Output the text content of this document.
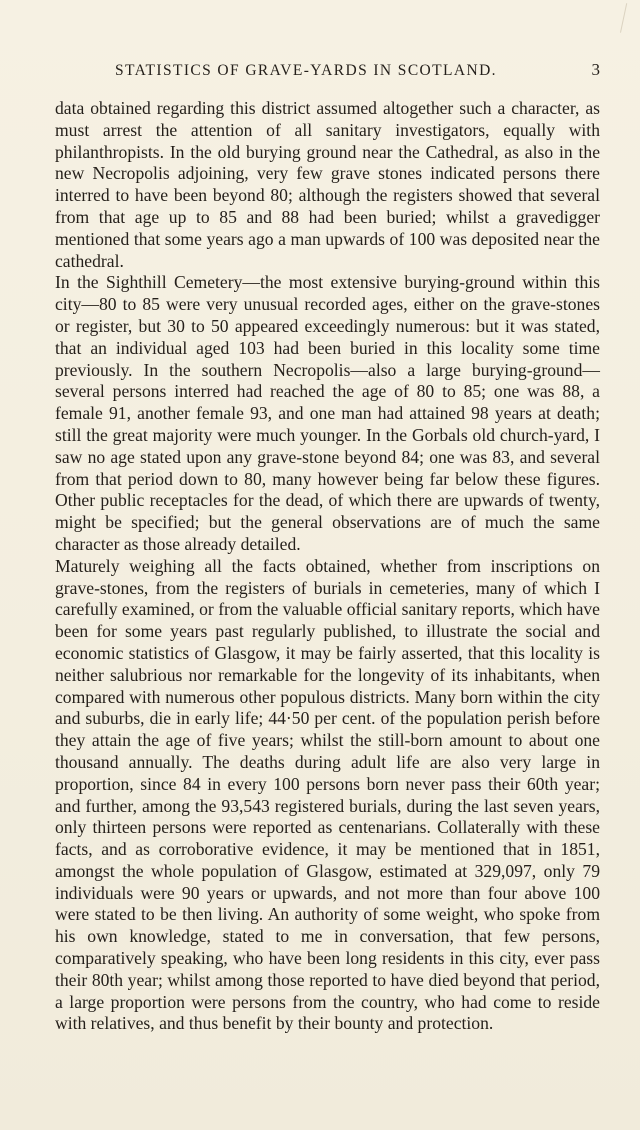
STATISTICS OF GRAVE-YARDS IN SCOTLAND.	3

data obtained regarding this district assumed altogether such a character, as must arrest the attention of all sanitary investigators, equally with philanthropists. In the old burying ground near the Cathedral, as also in the new Necropolis adjoining, very few grave stones indicated persons there interred to have been beyond 80; although the registers showed that several from that age up to 85 and 88 had been buried; whilst a gravedigger mentioned that some years ago a man upwards of 100 was deposited near the cathedral.

In the Sighthill Cemetery—the most extensive burying-ground within this city—80 to 85 were very unusual recorded ages, either on the grave-stones or register, but 30 to 50 appeared exceedingly numerous: but it was stated, that an individual aged 103 had been buried in this locality some time previously. In the southern Necropolis—also a large burying-ground—several persons interred had reached the age of 80 to 85; one was 88, a female 91, another female 93, and one man had attained 98 years at death; still the great majority were much younger. In the Gorbals old church-yard, I saw no age stated upon any grave-stone beyond 84; one was 83, and several from that period down to 80, many however being far below these figures. Other public receptacles for the dead, of which there are upwards of twenty, might be specified; but the general observations are of much the same character as those already detailed.

Maturely weighing all the facts obtained, whether from inscriptions on grave-stones, from the registers of burials in cemeteries, many of which I carefully examined, or from the valuable official sanitary reports, which have been for some years past regularly published, to illustrate the social and economic statistics of Glasgow, it may be fairly asserted, that this locality is neither salubrious nor remarkable for the longevity of its inhabitants, when compared with numerous other populous districts. Many born within the city and suburbs, die in early life; 44·50 per cent. of the population perish before they attain the age of five years; whilst the still-born amount to about one thousand annually. The deaths during adult life are also very large in proportion, since 84 in every 100 persons born never pass their 60th year; and further, among the 93,543 registered burials, during the last seven years, only thirteen persons were reported as centenarians. Collaterally with these facts, and as corroborative evidence, it may be mentioned that in 1851, amongst the whole population of Glasgow, estimated at 329,097, only 79 individuals were 90 years or upwards, and not more than four above 100 were stated to be then living. An authority of some weight, who spoke from his own knowledge, stated to me in conversation, that few persons, comparatively speaking, who have been long residents in this city, ever pass their 80th year; whilst among those reported to have died beyond that period, a large proportion were persons from the country, who had come to reside with relatives, and thus benefit by their bounty and protection.
